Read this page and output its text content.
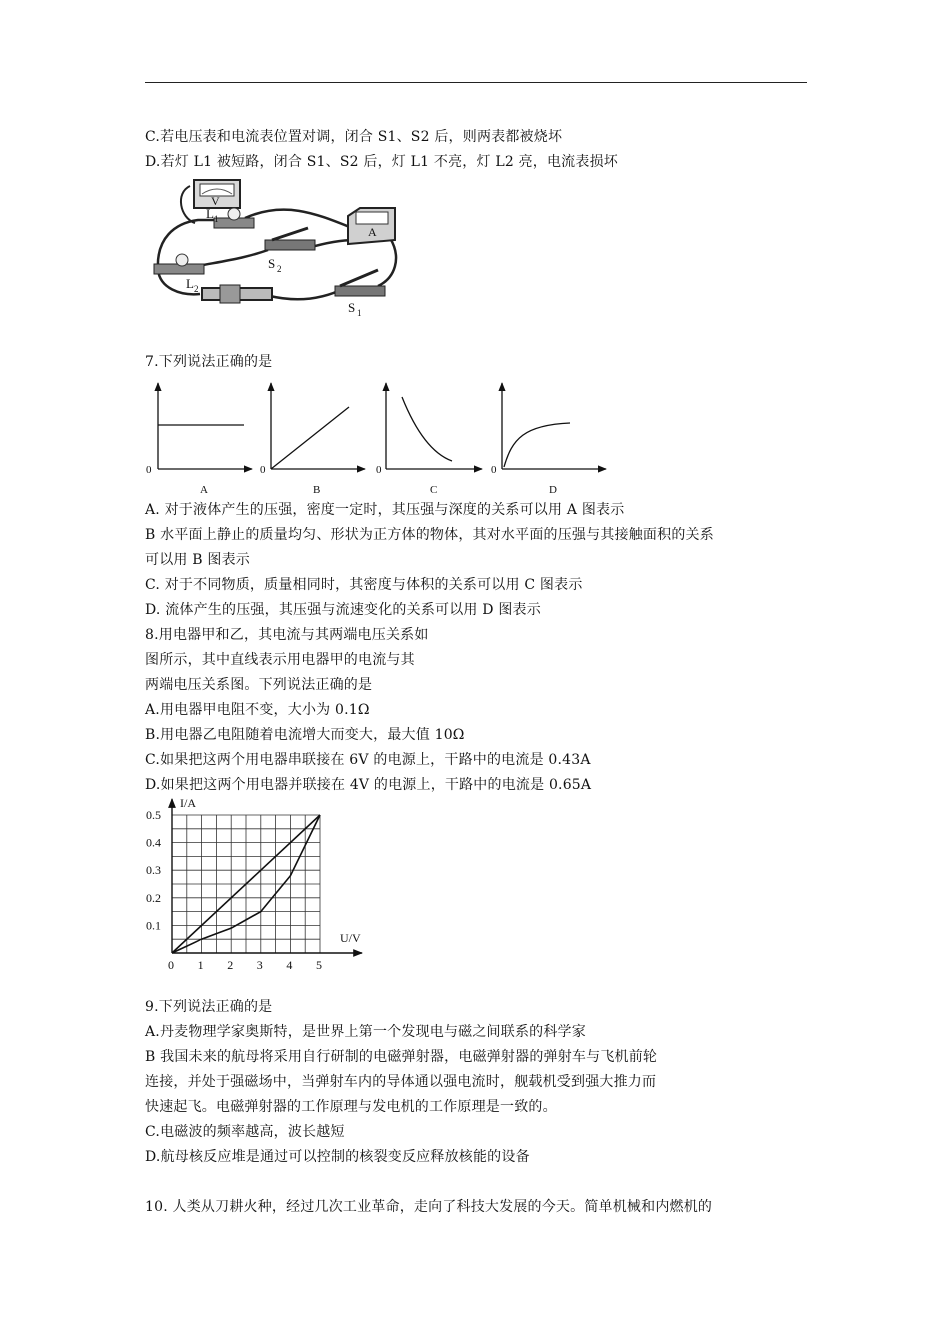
C.若电压表和电流表位置对调，闭合 S1、S2 后，则两表都被烧坏
D.若灯 L1 被短路，闭合 S1、S2 后，灯 L1 不亮，灯 L2 亮，电流表损坏
V
L 1
A
S 2
L 2
S 1
7.下列说法正确的是
0
A
0
B
0
C
0
D
A. 对于液体产生的压强，密度一定时，其压强与深度的关系可以用 A 图表示
B 水平面上静止的质量均匀、形状为正方体的物体，其对水平面的压强与其接触面积的关系
可以用 B 图表示
C. 对于不同物质，质量相同时，其密度与体积的关系可以用 C 图表示
D. 流体产生的压强，其压强与流速变化的关系可以用 D 图表示
8.用电器甲和乙，其电流与其两端电压关系如
图所示，其中直线表示用电器甲的电流与其
两端电压关系图。下列说法正确的是
A.用电器甲电阻不变，大小为 0.1Ω
B.用电器乙电阻随着电流增大而变大，最大值 10Ω
C.如果把这两个用电器串联接在 6V 的电源上，干路中的电流是 0.43A
D.如果把这两个用电器并联接在 4V 的电源上，干路中的电流是 0.65A
I/A
U/V
0 1 2 3 4 5
0.1
0.2
0.3
0.4
0.5
9.下列说法正确的是
A.丹麦物理学家奥斯特，是世界上第一个发现电与磁之间联系的科学家
B 我国未来的航母将采用自行研制的电磁弹射器，电磁弹射器的弹射车与飞机前轮
连接，并处于强磁场中，当弹射车内的导体通以强电流时，舰载机受到强大推力而
快速起飞。电磁弹射器的工作原理与发电机的工作原理是一致的。
C.电磁波的频率越高，波长越短
D.航母核反应堆是通过可以控制的核裂变反应释放核能的设备
10. 人类从刀耕火种，经过几次工业革命，走向了科技大发展的今天。简单机械和内燃机的
